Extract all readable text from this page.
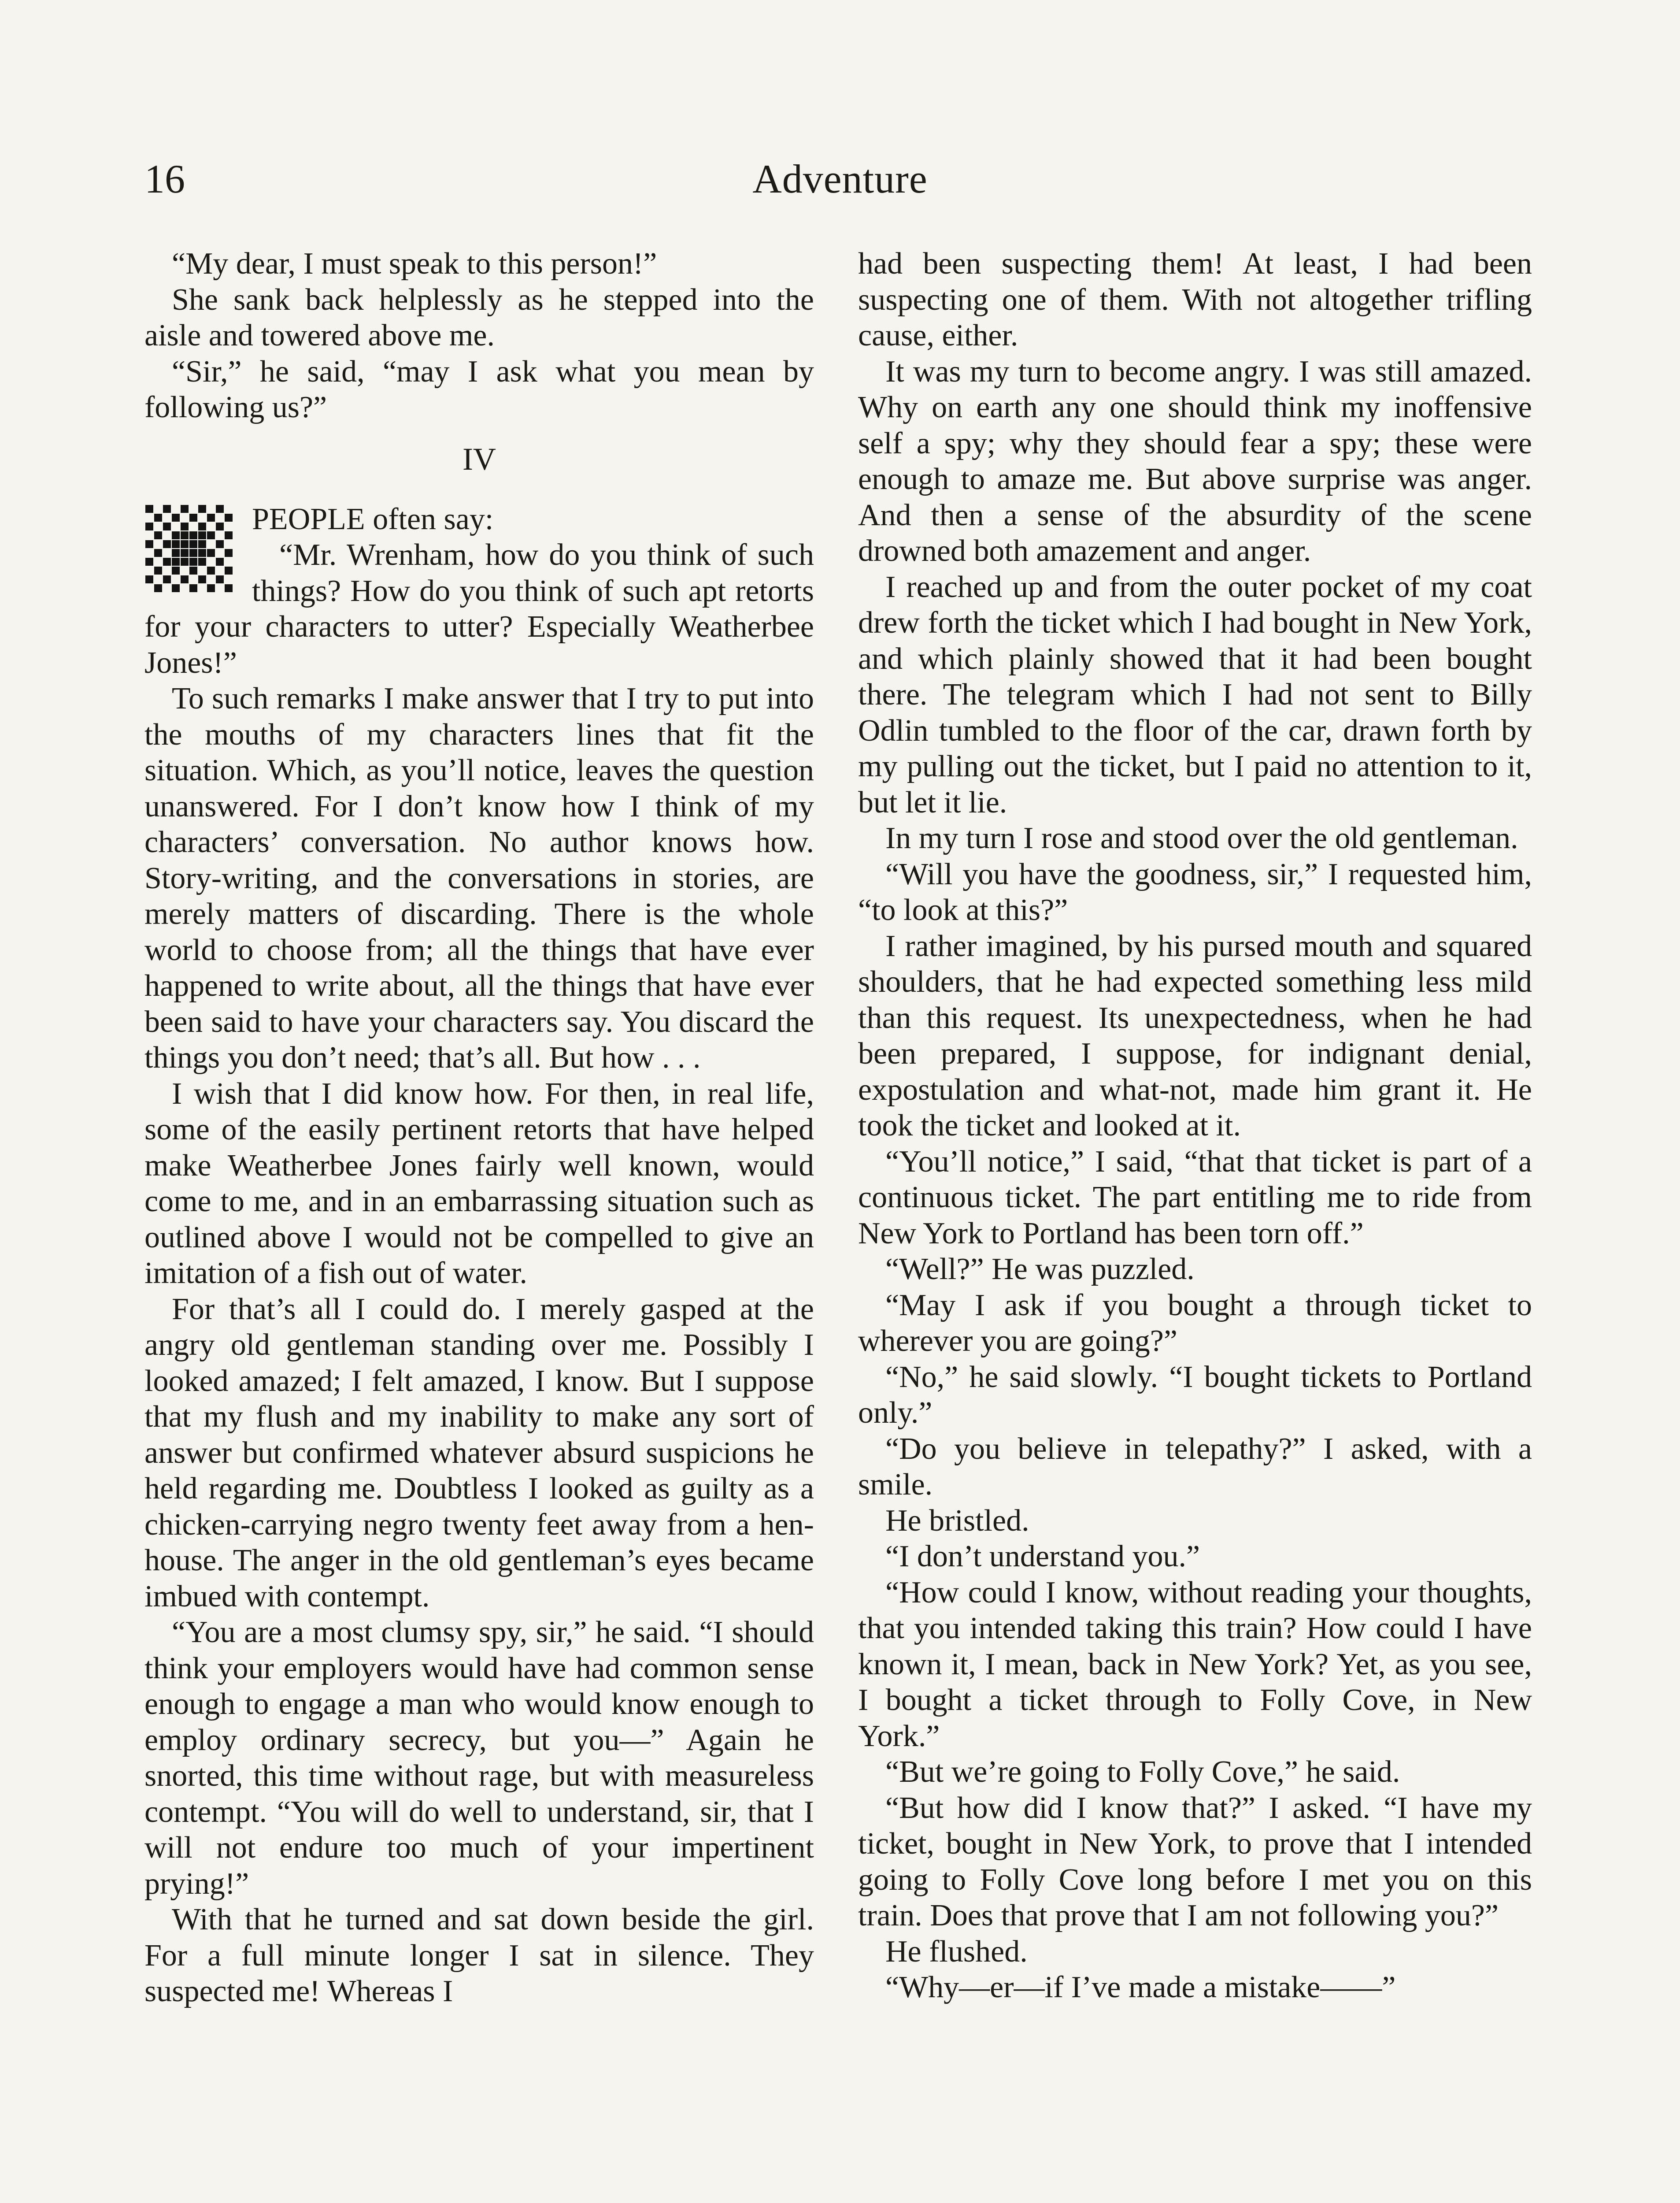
16	Adventure

“My dear, I must speak to this person!”

She sank back helplessly as he stepped into the aisle and towered above me.

“Sir,” he said, “may I ask what you mean by following us?”

IV

PEOPLE often say:

“Mr. Wrenham, how do you think of such things? How do you think of such apt retorts for your characters to utter? Especially Weatherbee Jones!”

To such remarks I make answer that I try to put into the mouths of my characters lines that fit the situation. Which, as you’ll notice, leaves the question unanswered. For I don’t know how I think of my characters’ conversation. No author knows how. Story-writing, and the conversations in stories, are merely matters of discarding. There is the whole world to choose from; all the things that have ever happened to write about, all the things that have ever been said to have your characters say. You discard the things you don’t need; that’s all. But how . . .

I wish that I did know how. For then, in real life, some of the easily pertinent retorts that have helped make Weatherbee Jones fairly well known, would come to me, and in an embarrassing situation such as outlined above I would not be compelled to give an imitation of a fish out of water.

For that’s all I could do. I merely gasped at the angry old gentleman standing over me. Possibly I looked amazed; I felt amazed, I know. But I suppose that my flush and my inability to make any sort of answer but confirmed whatever absurd suspicions he held regarding me. Doubtless I looked as guilty as a chicken-carrying negro twenty feet away from a hen-house. The anger in the old gentleman’s eyes became imbued with contempt.

“You are a most clumsy spy, sir,” he said. “I should think your employers would have had common sense enough to engage a man who would know enough to employ ordinary secrecy, but you—” Again he snorted, this time without rage, but with measureless contempt. “You will do well to understand, sir, that I will not endure too much of your impertinent prying!”

With that he turned and sat down beside the girl. For a full minute longer I sat in silence. They suspected me! Whereas I

had been suspecting them! At least, I had been suspecting one of them. With not altogether trifling cause, either.

It was my turn to become angry. I was still amazed. Why on earth any one should think my inoffensive self a spy; why they should fear a spy; these were enough to amaze me. But above surprise was anger. And then a sense of the absurdity of the scene drowned both amazement and anger.

I reached up and from the outer pocket of my coat drew forth the ticket which I had bought in New York, and which plainly showed that it had been bought there. The telegram which I had not sent to Billy Odlin tumbled to the floor of the car, drawn forth by my pulling out the ticket, but I paid no attention to it, but let it lie.

In my turn I rose and stood over the old gentleman.

“Will you have the goodness, sir,” I requested him, “to look at this?”

I rather imagined, by his pursed mouth and squared shoulders, that he had expected something less mild than this request. Its unexpectedness, when he had been prepared, I suppose, for indignant denial, expostulation and what-not, made him grant it. He took the ticket and looked at it.

“You’ll notice,” I said, “that that ticket is part of a continuous ticket. The part entitling me to ride from New York to Portland has been torn off.”

“Well?” He was puzzled.

“May I ask if you bought a through ticket to wherever you are going?”

“No,” he said slowly. “I bought tickets to Portland only.”

“Do you believe in telepathy?” I asked, with a smile.

He bristled.

“I don’t understand you.”

“How could I know, without reading your thoughts, that you intended taking this train? How could I have known it, I mean, back in New York? Yet, as you see, I bought a ticket through to Folly Cove, in New York.”

“But we’re going to Folly Cove,” he said.

“But how did I know that?” I asked. “I have my ticket, bought in New York, to prove that I intended going to Folly Cove long before I met you on this train. Does that prove that I am not following you?”

He flushed.

“Why—er—if I’ve made a mistake——”
